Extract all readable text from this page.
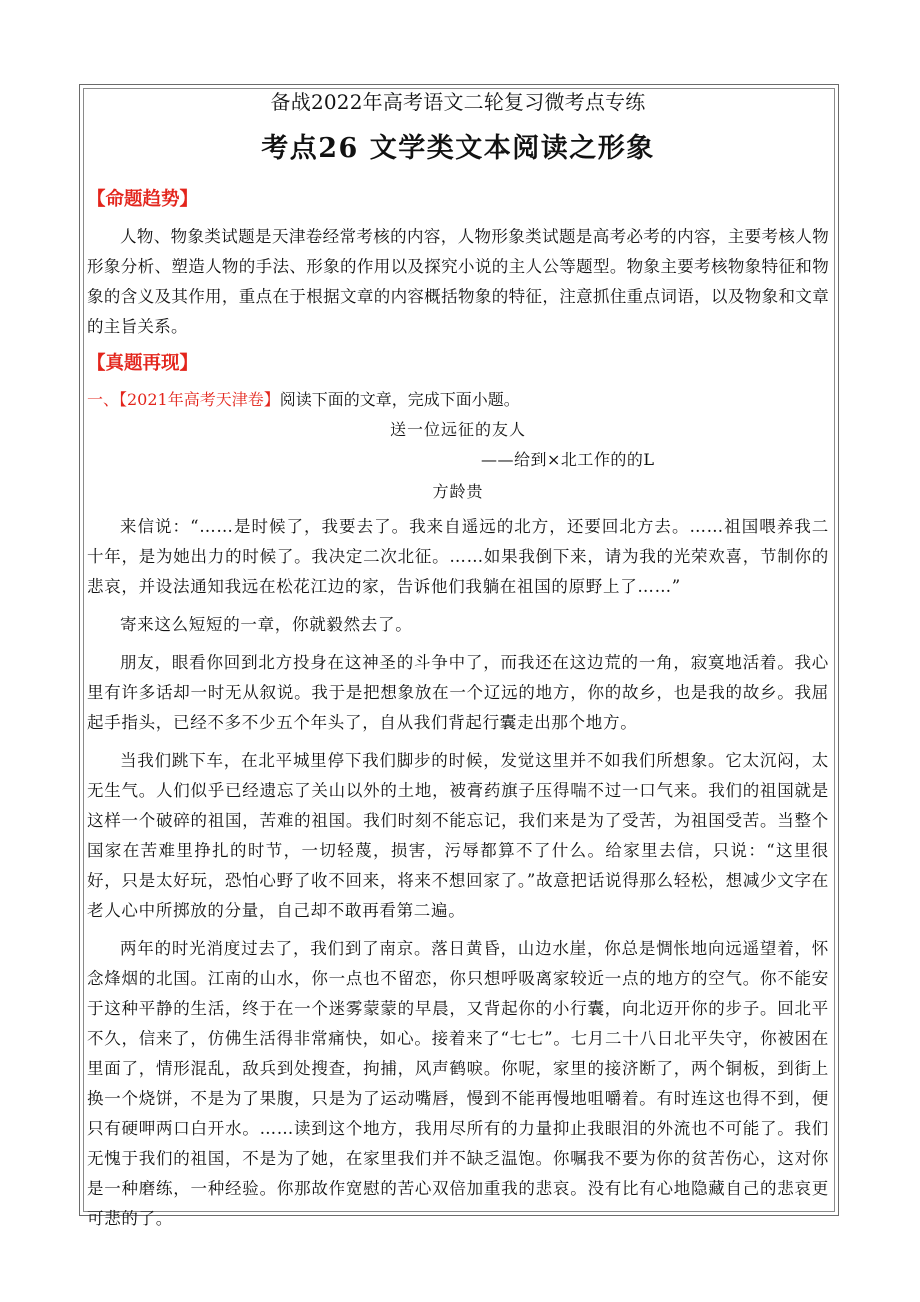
备战2022年高考语文二轮复习微考点专练
考点26 文学类文本阅读之形象
【命题趋势】
人物、物象类试题是天津卷经常考核的内容，人物形象类试题是高考必考的内容，主要考核人物形象分析、塑造人物的手法、形象的作用以及探究小说的主人公等题型。物象主要考核物象特征和物象的含义及其作用，重点在于根据文章的内容概括物象的特征，注意抓住重点词语，以及物象和文章的主旨关系。
【真题再现】
一、【2021年高考天津卷】阅读下面的文章，完成下面小题。
送一位远征的友人
——给到×北工作的的L
方龄贵

来信说：“……是时候了，我要去了。我来自遥远的北方，还要回北方去。……祖国喂养我二十年，是为她出力的时候了。我决定二次北征。……如果我倒下来，请为我的光荣欢喜，节制你的悲哀，并设法通知我远在松花江边的家，告诉他们我躺在祖国的原野上了……”

寄来这么短短的一章，你就毅然去了。

朋友，眼看你回到北方投身在这神圣的斗争中了，而我还在这边荒的一角，寂寞地活着。我心里有许多话却一时无从叙说。我于是把想象放在一个辽远的地方，你的故乡，也是我的故乡。我屈起手指头，已经不多不少五个年头了，自从我们背起行囊走出那个地方。

当我们跳下车，在北平城里停下我们脚步的时候，发觉这里并不如我们所想象。它太沉闷，太无生气。人们似乎已经遗忘了关山以外的土地，被膏药旗子压得喘不过一口气来。我们的祖国就是这样一个破碎的祖国，苦难的祖国。我们时刻不能忘记，我们来是为了受苦，为祖国受苦。当整个国家在苦难里挣扎的时节，一切轻蔑，损害，污辱都算不了什么。给家里去信，只说：“这里很好，只是太好玩，恐怕心野了收不回来，将来不想回家了。”故意把话说得那么轻松，想减少文字在老人心中所掷放的分量，自己却不敢再看第二遍。

两年的时光消度过去了，我们到了南京。落日黄昏，山边水崖，你总是惆怅地向远遥望着，怀念烽烟的北国。江南的山水，你一点也不留恋，你只想呼吸离家较近一点的地方的空气。你不能安于这种平静的生活，终于在一个迷雾蒙蒙的早晨，又背起你的小行囊，向北迈开你的步子。回北平不久，信来了，仿佛生活得非常痛快，如心。接着来了“七七”。七月二十八日北平失守，你被困在里面了，情形混乱，敌兵到处搜查，拘捕，风声鹤唳。你呢，家里的接济断了，两个铜板，到街上换一个烧饼，不是为了果腹，只是为了运动嘴唇，慢到不能再慢地咀嚼着。有时连这也得不到，便只有硬呷两口白开水。……读到这个地方，我用尽所有的力量抑止我眼泪的外流也不可能了。我们无愧于我们的祖国，不是为了她，在家里我们并不缺乏温饱。你嘱我不要为你的贫苦伤心，这对你是一种磨练，一种经验。你那故作宽慰的苦心双倍加重我的悲哀。没有比有心地隐藏自己的悲哀更可悲的了。
